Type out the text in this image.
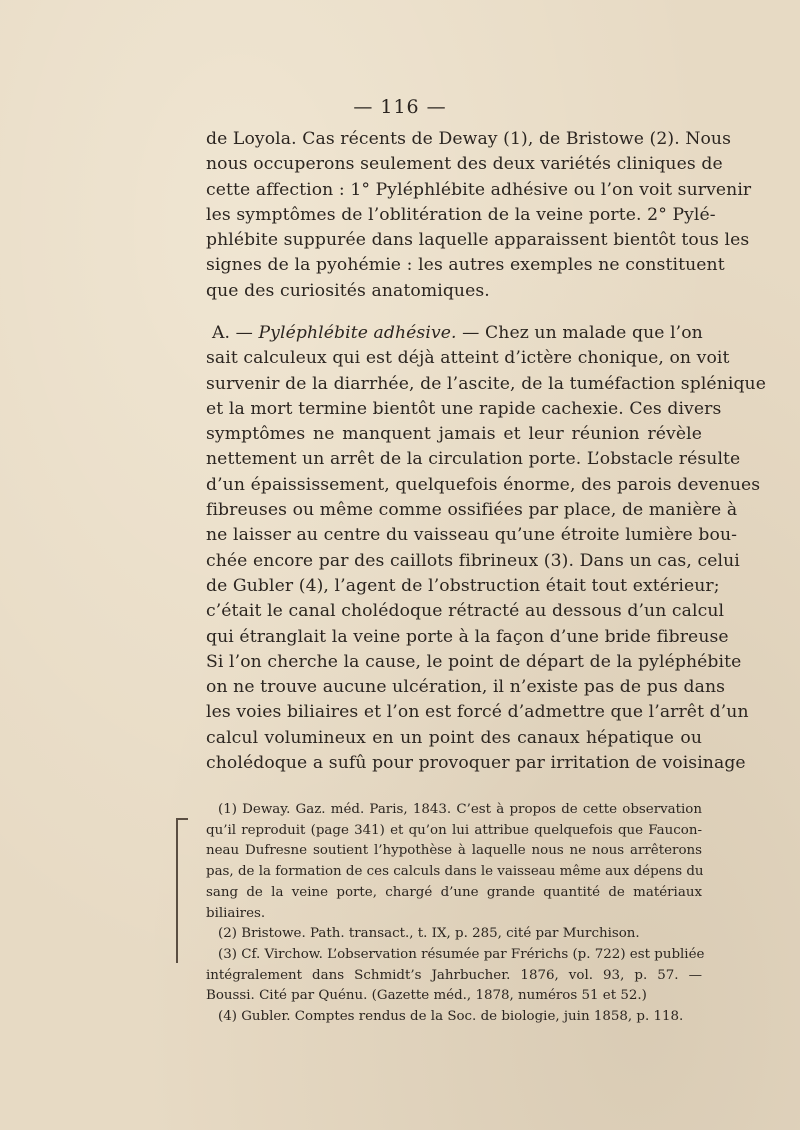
— 116 —
de Loyola. Cas récents de Deway (1), de Bristowe (2). Nous
nous occuperons seulement des deux variétés cliniques de
cette affection : 1° Pyléphlébite adhésive ou l’on voit survenir
les symptômes de l’oblitération de la veine porte. 2° Pylé-
phlébite suppurée dans laquelle apparaissent bientôt tous les
signes de la pyohémie : les autres exemples ne constituent
que des curiosités anatomiques.
A. — Pyléphlébite adhésive. — Chez un malade que l’on
sait calculeux qui est déjà atteint d’ictère chonique, on voit
survenir de la diarrhée, de l’ascite, de la tuméfaction splénique
et la mort termine bientôt une rapide cachexie. Ces divers
symptômes ne manquent jamais et leur réunion révèle
nettement un arrêt de la circulation porte. L’obstacle résulte
d’un épaississement, quelquefois énorme, des parois devenues
fibreuses ou même comme ossifiées par place, de manière à
ne laisser au centre du vaisseau qu’une étroite lumière bou-
chée encore par des caillots fibrineux (3). Dans un cas, celui
de Gubler (4), l’agent de l’obstruction était tout extérieur;
c’était le canal cholédoque rétracté au dessous d’un calcul
qui étranglait la veine porte à la façon d’une bride fibreuse
Si l’on cherche la cause, le point de départ de la pyléphébite
on ne trouve aucune ulcération, il n’existe pas de pus dans
les voies biliaires et l’on est forcé d’admettre que l’arrêt d’un
calcul volumineux en un point des canaux hépatique ou
cholédoque a sufû pour provoquer par irritation de voisinage
(1) Deway. Gaz. méd. Paris, 1843. C’est à propos de cette observation
qu’il reproduit (page 341) et qu’on lui attribue quelquefois que Faucon-
neau Dufresne soutient l’hypothèse à laquelle nous ne nous arrêterons
pas, de la formation de ces calculs dans le vaisseau même aux dépens du
sang de la veine porte, chargé d’une grande quantité de matériaux
biliaires.
(2) Bristowe. Path. transact., t. IX, p. 285, cité par Murchison.
(3) Cf. Virchow. L’observation résumée par Frérichs (p. 722) est publiée
intégralement dans Schmidt’s Jahrbucher. 1876, vol. 93, p. 57. —
Boussi. Cité par Quénu. (Gazette méd., 1878, numéros 51 et 52.)
(4) Gubler. Comptes rendus de la Soc. de biologie, juin 1858, p. 118.
